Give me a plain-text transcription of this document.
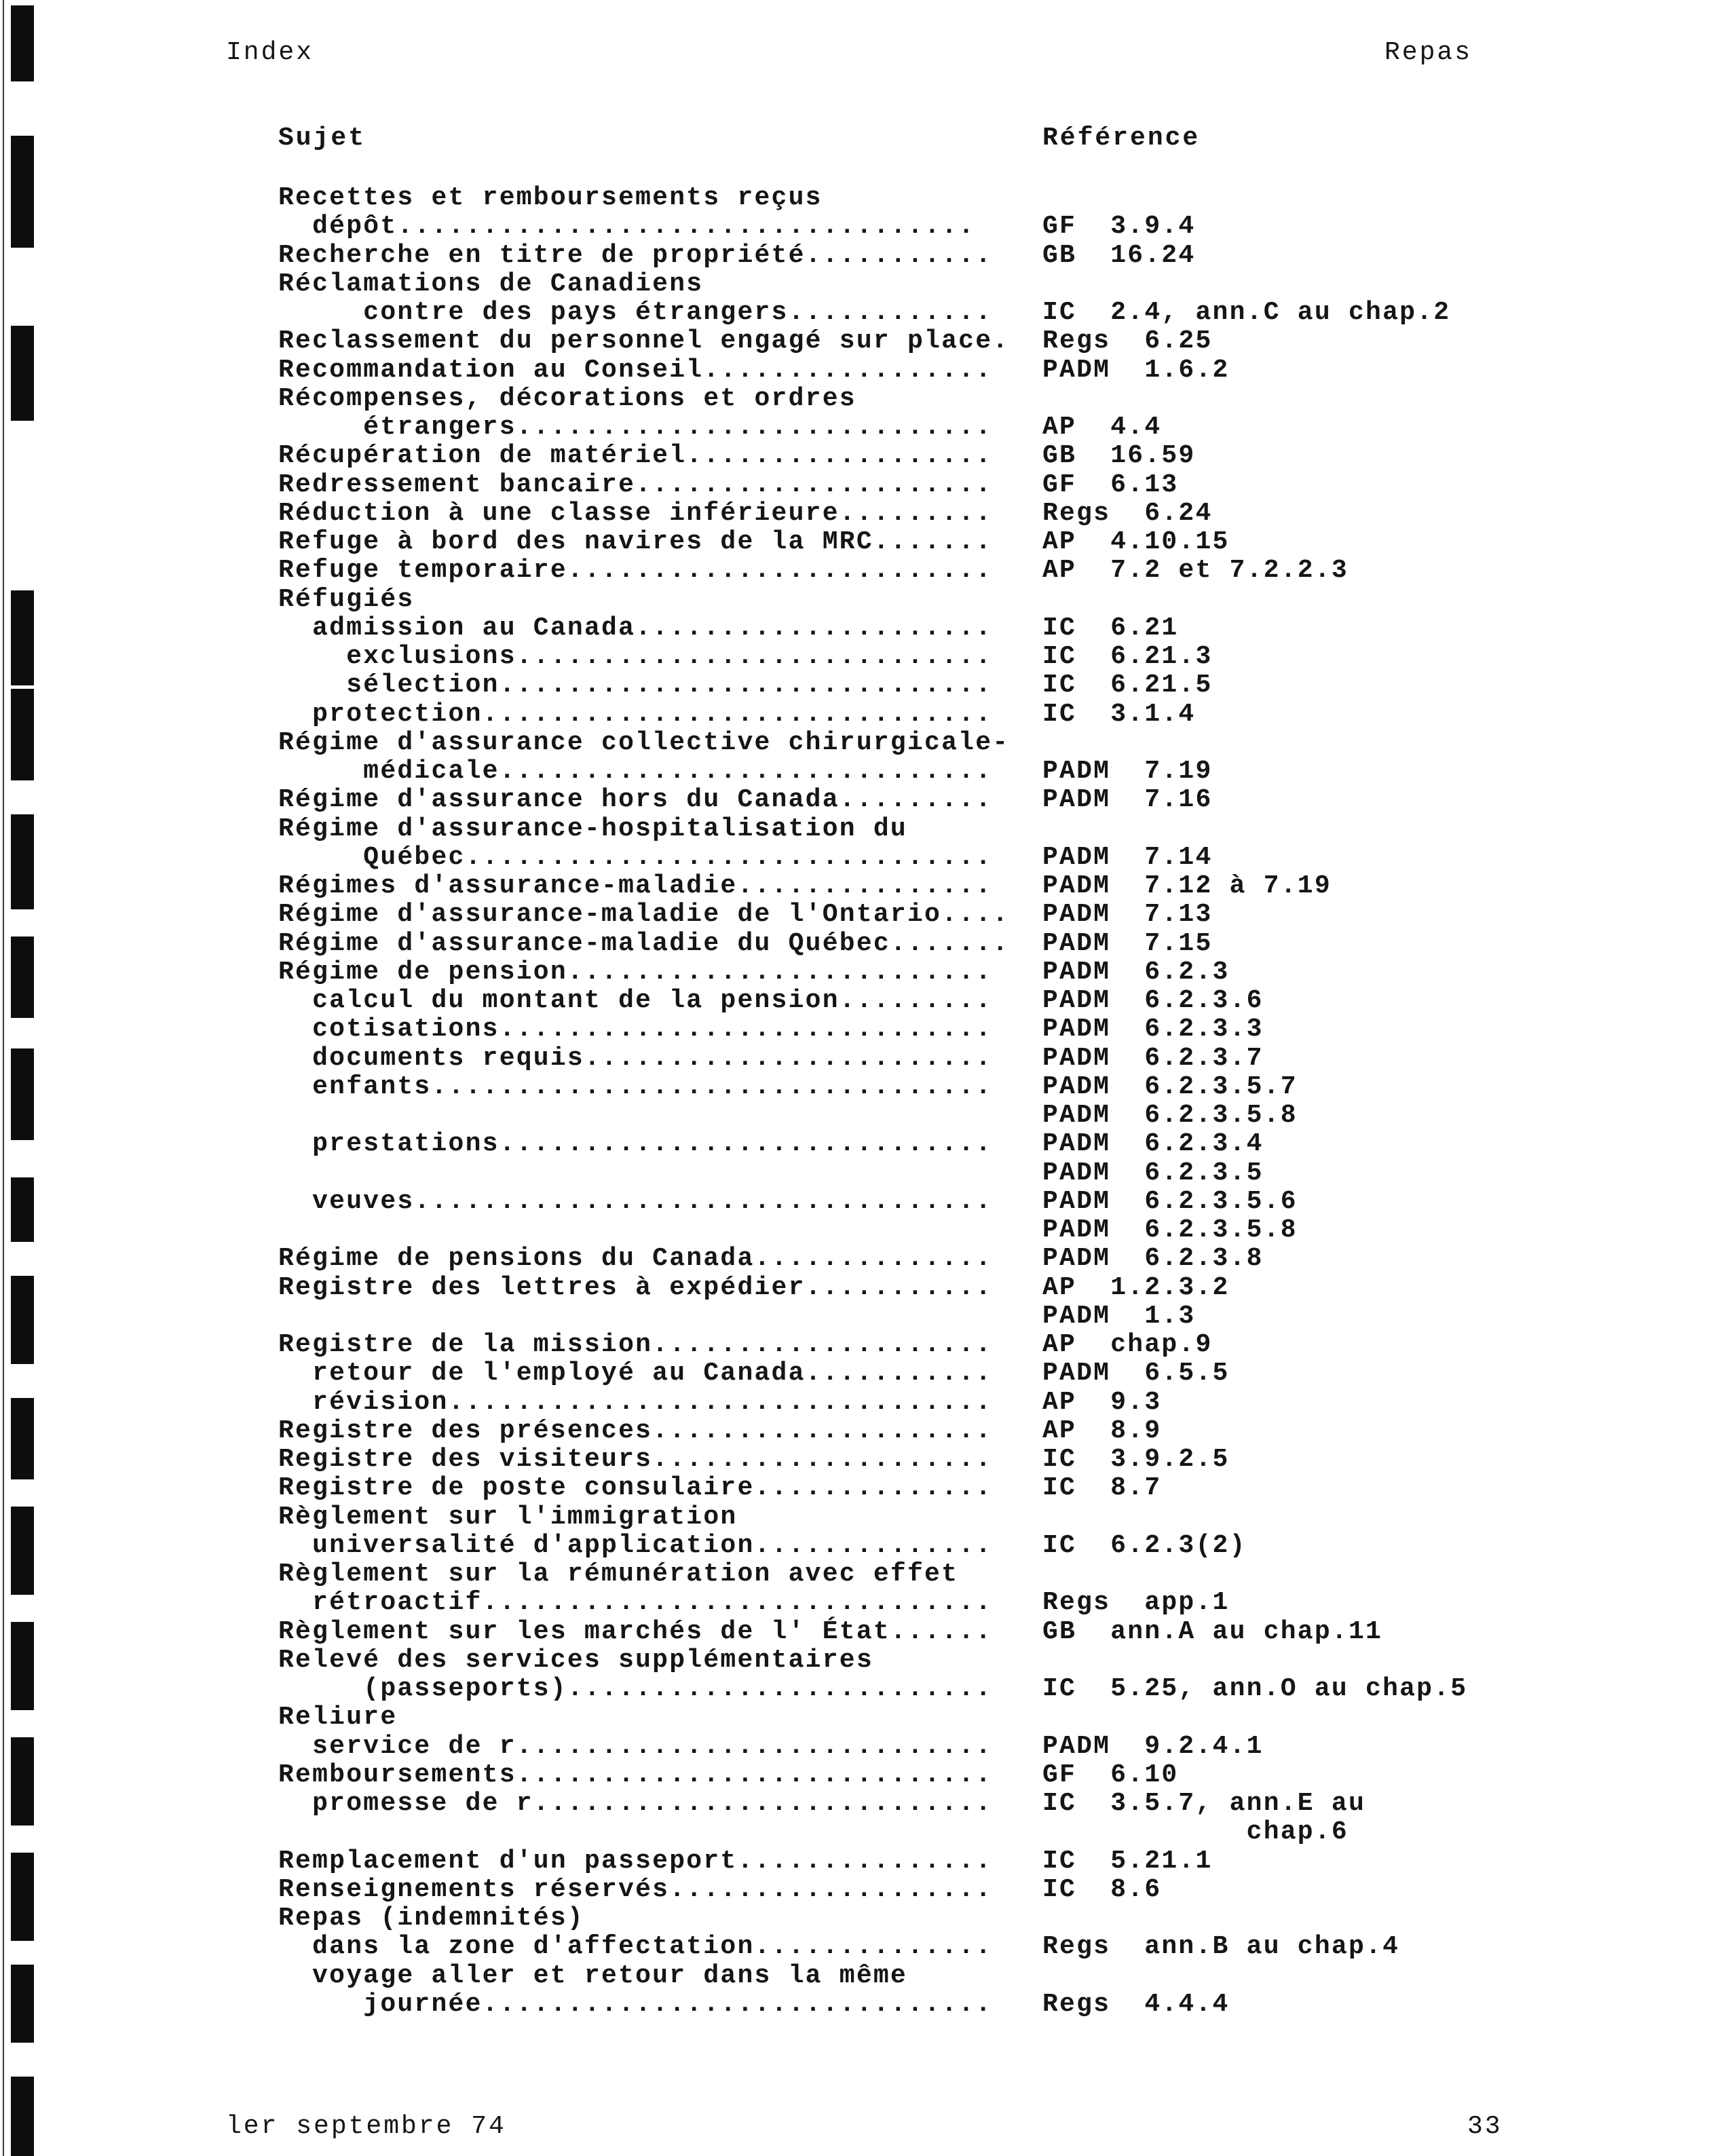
Index	Repas
Sujet	Référence
Recettes et remboursements reçus
dépôt..................................	GF  3.9.4
Recherche en titre de propriété........... GB  16.24
Réclamations de Canadiens
contre des pays étrangers............ IC  2.4, ann.C au chap.2
Reclassement du personnel engagé sur place. Regs  6.25
Recommandation au Conseil................. PADM  1.6.2
Récompenses, décorations et ordres
étrangers............................ AP  4.4
Récupération de matériel.................. GB  16.59
Redressement bancaire..................... GF  6.13
Réduction à une classe inférieure......... Regs  6.24
Refuge à bord des navires de la MRC....... AP  4.10.15
Refuge temporaire......................... AP  7.2 et 7.2.2.3
Réfugiés
admission au Canada..................... IC  6.21
exclusions............................ IC  6.21.3
sélection............................. IC  6.21.5
protection.............................. IC  3.1.4
Régime d'assurance collective chirurgicale-
médicale............................. PADM  7.19
Régime d'assurance hors du Canada......... PADM  7.16
Régime d'assurance-hospitalisation du
Québec............................... PADM  7.14
Régimes d'assurance-maladie............... PADM  7.12 à 7.19
Régime d'assurance-maladie de l'Ontario.... PADM  7.13
Régime d'assurance-maladie du Québec....... PADM  7.15
Régime de pension......................... PADM  6.2.3
calcul du montant de la pension......... PADM  6.2.3.6
cotisations............................. PADM  6.2.3.3
documents requis........................ PADM  6.2.3.7
enfants................................. PADM  6.2.3.5.7
PADM  6.2.3.5.8
prestations............................. PADM  6.2.3.4
PADM  6.2.3.5
veuves.................................. PADM  6.2.3.5.6
PADM  6.2.3.5.8
Régime de pensions du Canada.............. PADM  6.2.3.8
Registre des lettres à expédier........... AP  1.2.3.2
PADM  1.3
Registre de la mission.................... AP  chap.9
retour de l'employé au Canada........... PADM  6.5.5
révision................................ AP  9.3
Registre des présences.................... AP  8.9
Registre des visiteurs.................... IC  3.9.2.5
Registre de poste consulaire.............. IC  8.7
Règlement sur l'immigration
universalité d'application.............. IC  6.2.3(2)
Règlement sur la rémunération avec effet
rétroactif.............................. Regs  app.1
Règlement sur les marchés de l' État...... GB  ann.A au chap.11
Relevé des services supplémentaires
(passeports)......................... IC  5.25, ann.O au chap.5
Reliure
service de r............................ PADM  9.2.4.1
Remboursements............................ GF  6.10
promesse de r........................... IC  3.5.7, ann.E au
chap.6
Remplacement d'un passeport............... IC  5.21.1
Renseignements réservés................... IC  8.6
Repas (indemnités)
dans la zone d'affectation.............. Regs  ann.B au chap.4
voyage aller et retour dans la même
journée.............................. Regs  4.4.4
ler septembre 74	33
